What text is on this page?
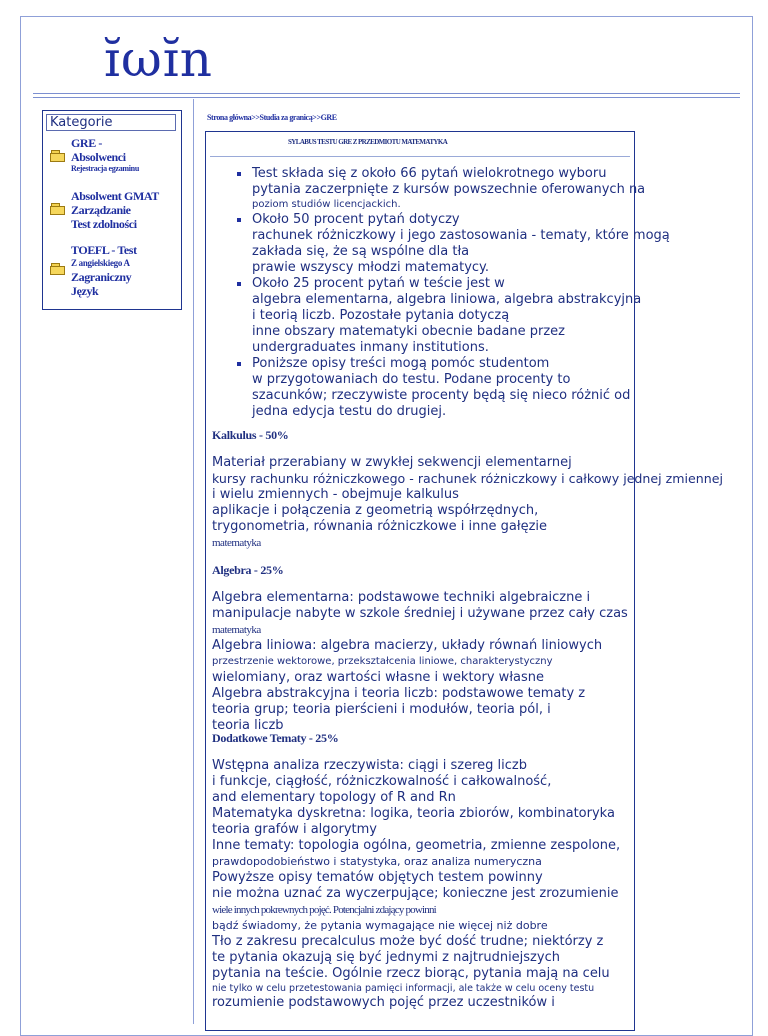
ɪ̆ωɪ̆n
Kategorie
GRE -
Absolwenci
Rejestracja egzaminu
Absolwent GMAT
Zarządzanie
Test zdolności
TOEFL - Test
Z angielskiego A
Zagraniczny
Język
Strona główna>>Studia za granicą>>GRE
SYLABUS TESTU GRE Z PRZEDMIOTU MATEMATYKA
Test składa się z około 66 pytań wielokrotnego wyboru
pytania zaczerpnięte z kursów powszechnie oferowanych na
poziom studiów licencjackich.
Około 50 procent pytań dotyczy
rachunek różniczkowy i jego zastosowania - tematy, które mogą
zakłada się, że są wspólne dla tła
prawie wszyscy młodzi matematycy.
Około 25 procent pytań w teście jest w
algebra elementarna, algebra liniowa, algebra abstrakcyjna
i teorią liczb. Pozostałe pytania dotyczą
inne obszary matematyki obecnie badane przez
undergraduates inmany institutions.
Poniższe opisy treści mogą pomóc studentom
w przygotowaniach do testu. Podane procenty to
szacunków; rzeczywiste procenty będą się nieco różnić od
jedna edycja testu do drugiej.
Kalkulus - 50%
Materiał przerabiany w zwykłej sekwencji elementarnej
kursy rachunku różniczkowego - rachunek różniczkowy i całkowy jednej zmiennej
i wielu zmiennych - obejmuje kalkulus
aplikacje i połączenia z geometrią współrzędnych,
trygonometria, równania różniczkowe i inne gałęzie
matematyka
Algebra - 25%
Algebra elementarna: podstawowe techniki algebraiczne i
manipulacje nabyte w szkole średniej i używane przez cały czas
matematyka
Algebra liniowa: algebra macierzy, układy równań liniowych
przestrzenie wektorowe, przekształcenia liniowe, charakterystyczny
wielomiany, oraz wartości własne i wektory własne
Algebra abstrakcyjna i teoria liczb: podstawowe tematy z
teoria grup; teoria pierścieni i modułów, teoria pól, i
teoria liczb
Dodatkowe Tematy - 25%
Wstępna analiza rzeczywista: ciągi i szereg liczb
i funkcje, ciągłość, różniczkowalność i całkowalność,
and elementary topology of R and Rn
Matematyka dyskretna: logika, teoria zbiorów, kombinatoryka
teoria grafów i algorytmy
Inne tematy: topologia ogólna, geometria, zmienne zespolone,
prawdopodobieństwo i statystyka, oraz analiza numeryczna
Powyższe opisy tematów objętych testem powinny
nie można uznać za wyczerpujące; konieczne jest zrozumienie
wiele innych pokrewnych pojęć. Potencjalni zdający powinni
bądź świadomy, że pytania wymagające nie więcej niż dobre
Tło z zakresu precalculus może być dość trudne; niektórzy z
te pytania okazują się być jednymi z najtrudniejszych
pytania na teście. Ogólnie rzecz biorąc, pytania mają na celu
nie tylko w celu przetestowania pamięci informacji, ale także w celu oceny testu
rozumienie podstawowych pojęć przez uczestników i
